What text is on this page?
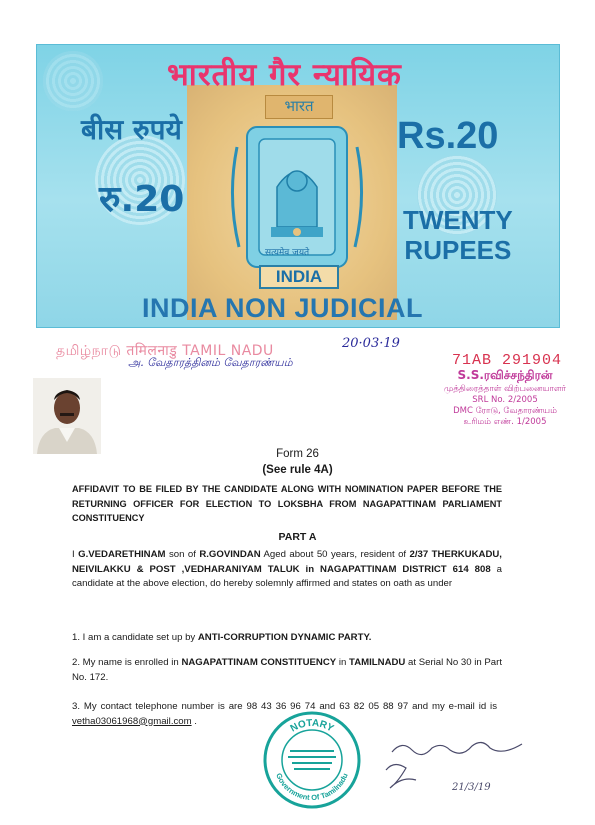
भारतीय गैर न्यायिक
भारत
बीस रुपये
रु.20
Rs.20
TWENTY
RUPEES
सत्यमेव जयते
INDIA
INDIA NON JUDICIAL
தமிழ்நாடு तमिलनाडु TAMIL NADU	20·03·19
அ. வேதாரத்தினம் வேதாரண்யம்	71AB 291904
S.S.ரவிச்சந்திரன்
முத்திரைத்தாள் விற்பனையாளர்
SRL No. 2/2005
DMC ரோடு, வேதாரண்யம்
உரிமம் எண். 1/2005
Form 26
(See rule 4A)
AFFIDAVIT TO BE FILED BY THE CANDIDATE ALONG WITH NOMINATION PAPER BEFORE THE RETURNING OFFICER FOR ELECTION TO LOKSBHA FROM NAGAPATTINAM PARLIAMENT CONSTITUENCY
PART A
I G.VEDARETHINAM son of R.GOVINDAN Aged about 50 years, resident of 2/37 THERKUKADU, NEIVILAKKU & POST ,VEDHARANIYAM TALUK in NAGAPATTINAM DISTRICT 614 808 a candidate at the above election, do hereby solemnly affirmed and states on oath as under
1. I am a candidate set up by ANTI-CORRUPTION DYNAMIC PARTY.
2. My name is enrolled in NAGAPATTINAM CONSTITUENCY in TAMILNADU at Serial No 30 in Part No. 172.
3. My contact telephone number is are 98 43 36 96 74 and 63 82 05 88 97 and my e-mail id is vetha03061968@gmail.com .
NOTARY
Government Of Tamilnadu
21/3/19
